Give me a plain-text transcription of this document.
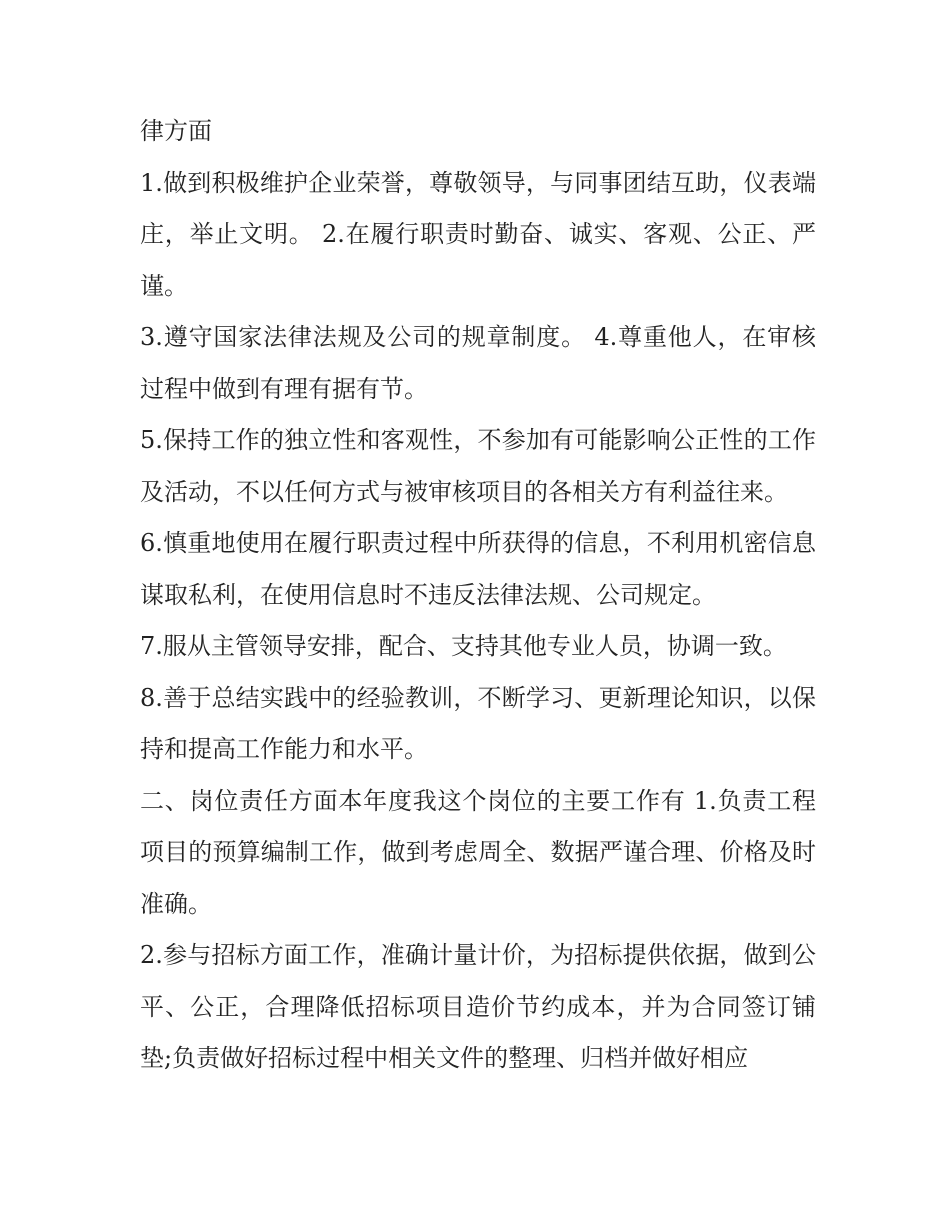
律方面

1.做到积极维护企业荣誉，尊敬领导，与同事团结互助，仪表端庄，举止文明。 2.在履行职责时勤奋、诚实、客观、公正、严谨。

3.遵守国家法律法规及公司的规章制度。 4.尊重他人，在审核过程中做到有理有据有节。

5.保持工作的独立性和客观性，不参加有可能影响公正性的工作及活动，不以任何方式与被审核项目的各相关方有利益往来。

6.慎重地使用在履行职责过程中所获得的信息，不利用机密信息谋取私利，在使用信息时不违反法律法规、公司规定。

7.服从主管领导安排，配合、支持其他专业人员，协调一致。

8.善于总结实践中的经验教训，不断学习、更新理论知识，以保持和提高工作能力和水平。

二、岗位责任方面本年度我这个岗位的主要工作有 1.负责工程项目的预算编制工作，做到考虑周全、数据严谨合理、价格及时准确。

2.参与招标方面工作，准确计量计价，为招标提供依据，做到公平、公正，合理降低招标项目造价节约成本，并为合同签订铺垫;负责做好招标过程中相关文件的整理、归档并做好相应
